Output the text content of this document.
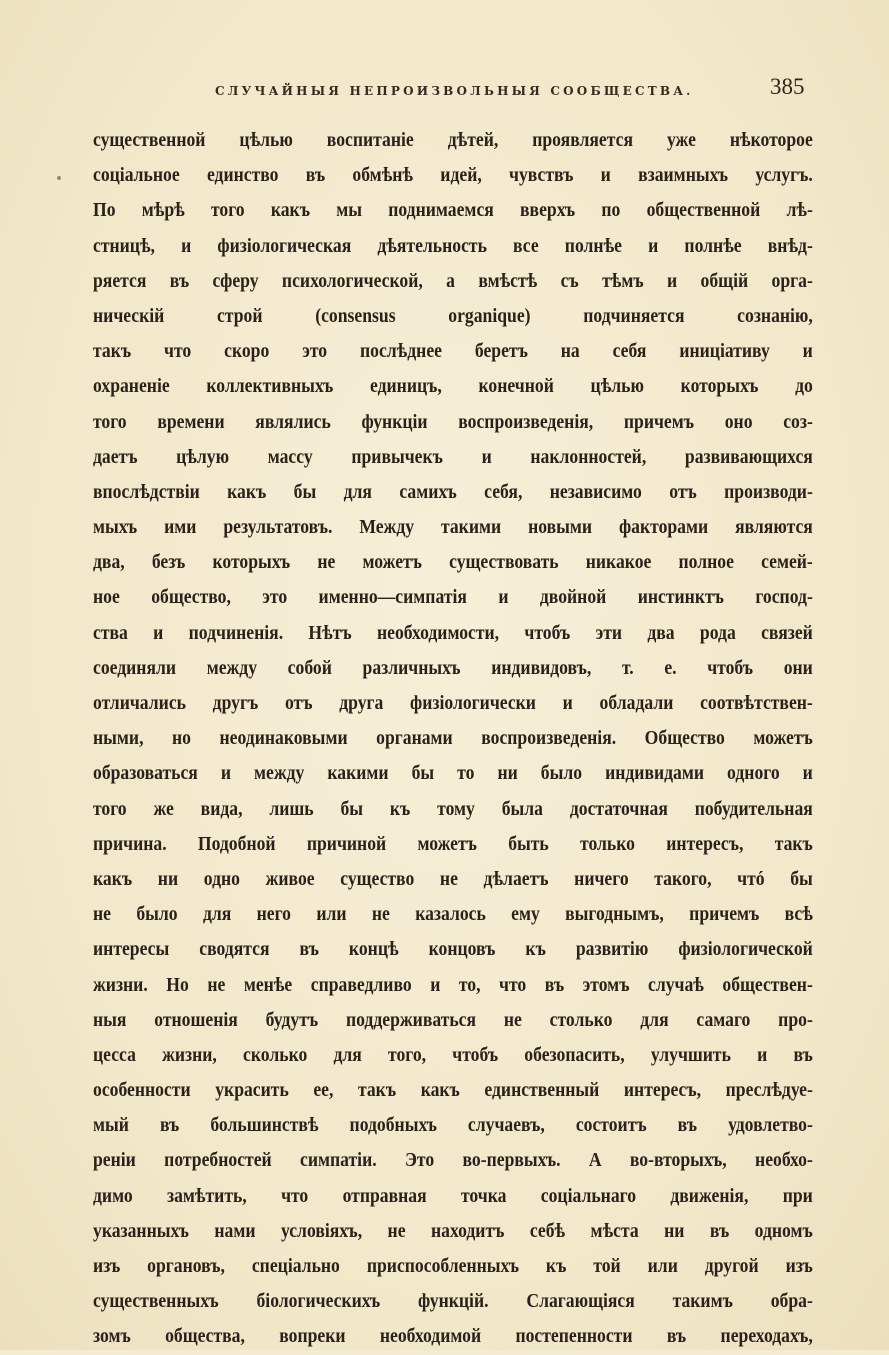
СЛУЧАЙНЫЯ НЕПРОИЗВОЛЬНЫЯ СООБЩЕСТВА.	385
существенной цѣлью воспитаніе дѣтей, проявляется уже нѣкоторое
соціальное единство въ обмѣнѣ идей, чувствъ и взаимныхъ услугъ.
По мѣрѣ того какъ мы поднимаемся вверхъ по общественной лѣ-
стницѣ, и физіологическая дѣятельность все полнѣе и полнѣе внѣд-
ряется въ сферу психологической, а вмѣстѣ съ тѣмъ и общій орга-
ническій строй (consensus organique) подчиняется сознанію,
такъ что скоро это послѣднее беретъ на себя иниціативу и
охраненіе коллективныхъ единицъ, конечной цѣлью которыхъ до
того времени являлись функціи воспроизведенія, причемъ оно соз-
даетъ цѣлую массу привычекъ и наклонностей, развивающихся
впослѣдствіи какъ бы для самихъ себя, независимо отъ производи-
мыхъ ими результатовъ. Между такими новыми факторами являются
два, безъ которыхъ не можетъ существовать никакое полное семей-
ное общество, это именно—симпатія и двойной инстинктъ господ-
ства и подчиненія. Нѣтъ необходимости, чтобъ эти два рода связей
соединяли между собой различныхъ индивидовъ, т. е. чтобъ они
отличались другъ отъ друга физіологически и обладали соотвѣтствен-
ными, но неодинаковыми органами воспроизведенія. Общество можетъ
образоваться и между какими бы то ни было индивидами одного и
того же вида, лишь бы къ тому была достаточная побудительная
причина. Подобной причиной можетъ быть только интересъ, такъ
какъ ни одно живое существо не дѣлаетъ ничего такого, чтó бы
не было для него или не казалось ему выгоднымъ, причемъ всѣ
интересы сводятся въ концѣ концовъ къ развитію физіологической
жизни. Но не менѣе справедливо и то, что въ этомъ случаѣ обществен-
ныя отношенія будутъ поддерживаться не столько для самаго про-
цесса жизни, сколько для того, чтобъ обезопасить, улучшить и въ
особенности украсить ее, такъ какъ единственный интересъ, преслѣдуе-
мый въ большинствѣ подобныхъ случаевъ, состоитъ въ удовлетво-
реніи потребностей симпатіи. Это во-первыхъ. А во-вторыхъ, необхо-
димо замѣтить, что отправная точка соціальнаго движенія, при
указанныхъ нами условіяхъ, не находитъ себѣ мѣста ни въ одномъ
изъ органовъ, спеціально приспособленныхъ къ той или другой изъ
существенныхъ біологическихъ функцій. Слагающіяся такимъ обра-
зомъ общества, вопреки необходимой постепенности въ переходахъ,
